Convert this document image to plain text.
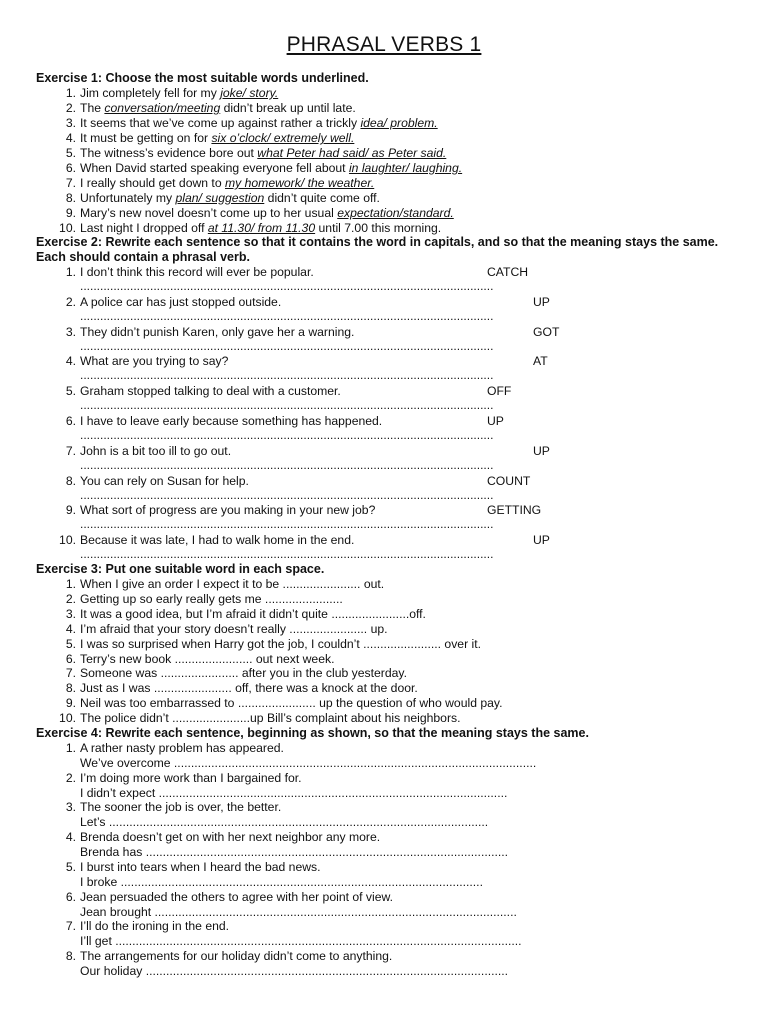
PHRASAL VERBS 1
Exercise 1: Choose the most suitable words underlined.
1. Jim completely fell for my joke/ story.
2. The conversation/meeting didn’t break up until late.
3. It seems that we’ve come up against rather a trickly idea/ problem.
4. It must be getting on for six o’clock/ extremely well.
5. The witness’s evidence bore out what Peter had said/ as Peter said.
6. When David started speaking everyone fell about in laughter/ laughing.
7. I really should get down to my homework/ the weather.
8. Unfortunately my plan/ suggestion didn’t quite come off.
9. Mary’s new novel doesn’t come up to her usual expectation/standard.
10. Last night I dropped off at 11.30/ from 11.30 until 7.00 this morning.
Exercise 2: Rewrite each sentence so that it contains the word in capitals, and so that the meaning stays the same.
Each should contain a phrasal verb.
1. I don’t think this record will ever be popular.	CATCH
............................................................................................................................
2. A police car has just stopped outside.	UP
............................................................................................................................
3. They didn’t punish Karen, only gave her a warning.	GOT
............................................................................................................................
4. What are you trying to say?	AT
............................................................................................................................
5. Graham stopped talking to deal with a customer.	OFF
............................................................................................................................
6. I have to leave early because something has happened.	UP
............................................................................................................................
7. John is a bit too ill to go out.	UP
............................................................................................................................
8. You can rely on Susan for help.	COUNT
............................................................................................................................
9. What sort of progress are you making in your new job?	GETTING
............................................................................................................................
10. Because it was late, I had to walk home in the end.	UP
............................................................................................................................
Exercise 3: Put one suitable word in each space.
1. When I give an order I expect it to be ....................... out.
2. Getting up so early really gets me .......................
3. It was a good idea, but I’m afraid it didn’t quite .......................off.
4. I’m afraid that your story doesn’t really ....................... up.
5. I was so surprised when Harry got the job, I couldn’t ....................... over it.
6. Terry’s new book ....................... out next week.
7. Someone was ....................... after you in the club yesterday.
8. Just as I was ....................... off, there was a knock at the door.
9. Neil was too embarrassed to ....................... up the question of who would pay.
10. The police didn’t .......................up Bill’s complaint about his neighbors.
Exercise 4: Rewrite each sentence, beginning as shown, so that the meaning stays the same.
1. A rather nasty problem has appeared.
We’ve overcome ...........................................................................................................
2. I’m doing more work than I bargained for.
I didn’t expect .......................................................................................................
3. The sooner the job is over, the better.
Let’s ................................................................................................................
4. Brenda doesn’t get on with her next neighbor any more.
Brenda has ...........................................................................................................
5. I burst into tears when I heard the bad news.
I broke ...........................................................................................................
6. Jean persuaded the others to agree with her point of view.
Jean brought ...........................................................................................................
7. I’ll do the ironing in the end.
I’ll get ........................................................................................................................
8. The arrangements for our holiday didn’t come to anything.
Our holiday ...........................................................................................................
